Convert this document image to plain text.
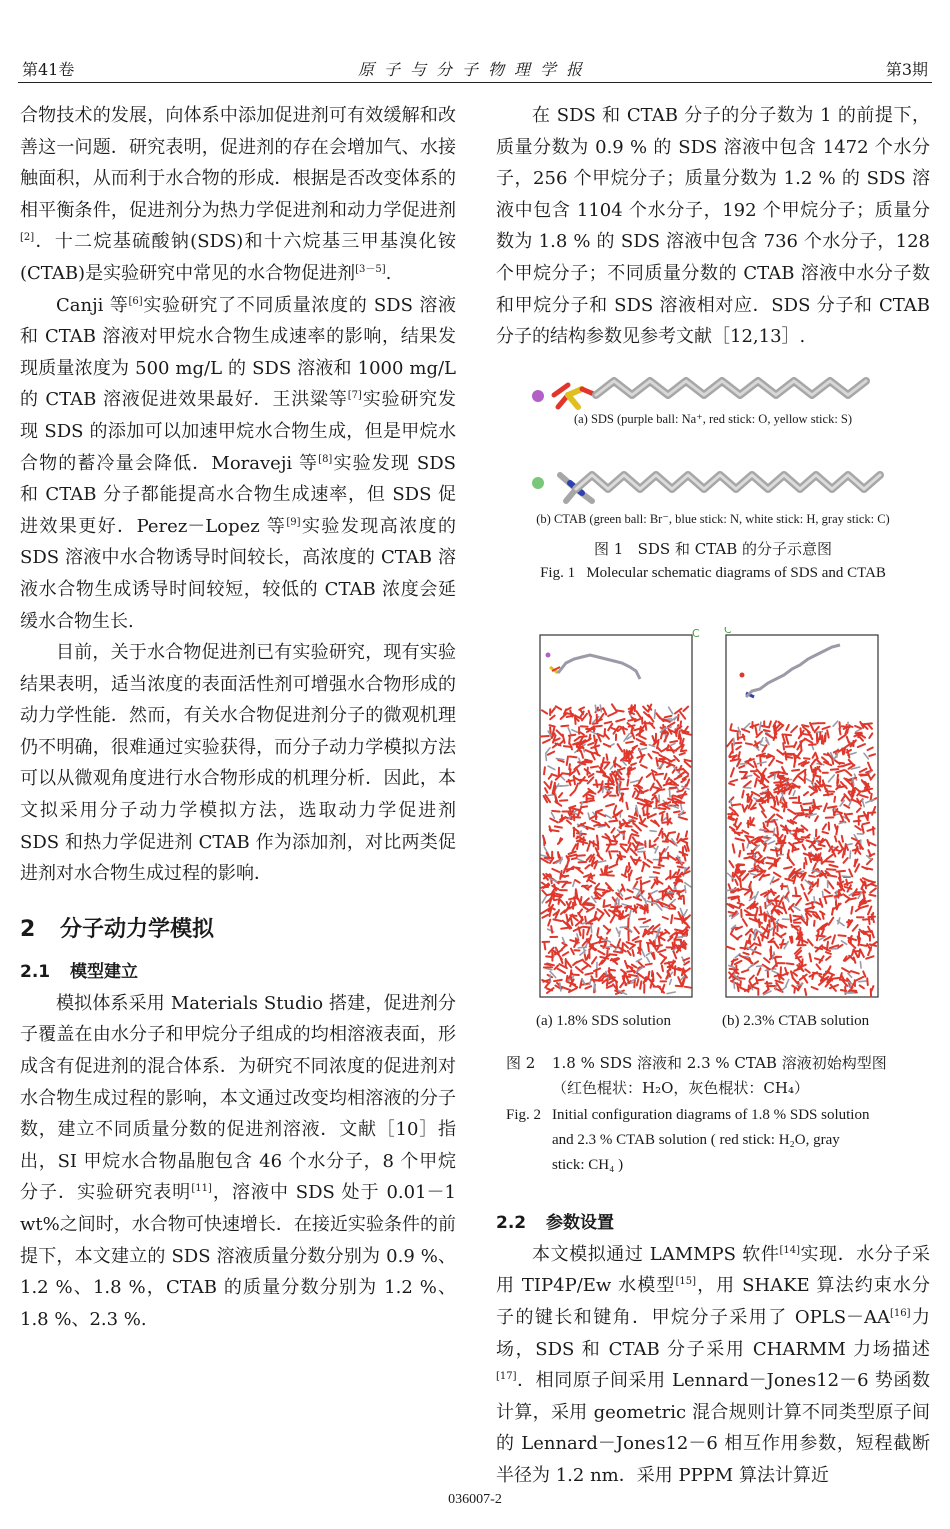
第41卷	原子与分子物理学报	第3期

合物技术的发展，向体系中添加促进剂可有效缓解和改善这一问题．研究表明，促进剂的存在会增加气、水接触面积，从而利于水合物的形成．根据是否改变体系的相平衡条件，促进剂分为热力学促进剂和动力学促进剂[2]．十二烷基硫酸钠(SDS)和十六烷基三甲基溴化铵(CTAB)是实验研究中常见的水合物促进剂[3－5].

Canji 等[6]实验研究了不同质量浓度的 SDS 溶液和 CTAB 溶液对甲烷水合物生成速率的影响，结果发现质量浓度为 500 mg/L 的 SDS 溶液和 1000 mg/L 的 CTAB 溶液促进效果最好．王洪粱等[7]实验研究发现 SDS 的添加可以加速甲烷水合物生成，但是甲烷水合物的蓄冷量会降低．Moraveji 等[8]实验发现 SDS 和 CTAB 分子都能提高水合物生成速率，但 SDS 促进效果更好．Perez－Lopez 等[9]实验发现高浓度的 SDS 溶液中水合物诱导时间较长，高浓度的 CTAB 溶液水合物生成诱导时间较短，较低的 CTAB 浓度会延缓水合物生长.

目前，关于水合物促进剂已有实验研究，现有实验结果表明，适当浓度的表面活性剂可增强水合物形成的动力学性能．然而，有关水合物促进剂分子的微观机理仍不明确，很难通过实验获得，而分子动力学模拟方法可以从微观角度进行水合物形成的机理分析．因此，本文拟采用分子动力学模拟方法，选取动力学促进剂 SDS 和热力学促进剂 CTAB 作为添加剂，对比两类促进剂对水合物生成过程的影响．

2 分子动力学模拟
2.1 模型建立

模拟体系采用 Materials Studio 搭建，促进剂分子覆盖在由水分子和甲烷分子组成的均相溶液表面，形成含有促进剂的混合体系．为研究不同浓度的促进剂对水合物生成过程的影响，本文通过改变均相溶液的分子数，建立不同质量分数的促进剂溶液．文献［10］指出，SI 甲烷水合物晶胞包含 46 个水分子，8 个甲烷分子．实验研究表明[11]，溶液中 SDS 处于 0.01－1 wt%之间时，水合物可快速增长．在接近实验条件的前提下，本文建立的 SDS 溶液质量分数分别为 0.9 %、1.2 %、1.8 %，CTAB 的质量分数分别为 1.2 %、1.8 %、2.3 %.

在 SDS 和 CTAB 分子的分子数为 1 的前提下，质量分数为 0.9 % 的 SDS 溶液中包含 1472 个水分子，256 个甲烷分子；质量分数为 1.2 % 的 SDS 溶液中包含 1104 个水分子，192 个甲烷分子；质量分数为 1.8 % 的 SDS 溶液中包含 736 个水分子，128 个甲烷分子；不同质量分数的 CTAB 溶液中水分子数和甲烷分子和 SDS 溶液相对应．SDS 分子和 CTAB 分子的结构参数见参考文献［12,13］.

(a) SDS (purple ball: Na⁺, red stick: O, yellow stick: S)
(b) CTAB (green ball: Br⁻, blue stick: N, white stick: H, gray stick: C)

图 1 SDS 和 CTAB 的分子示意图

Fig. 1 Molecular schematic diagrams of SDS and CTAB

C C
(a) 1.8% SDS solution	(b) 2.3% CTAB solution
图 2 1.8 % SDS 溶液和 2.3 % CTAB 溶液初始构型图
（红色棍状：H₂O，灰色棍状：CH₄）
Fig. 2 Initial configuration diagrams of 1.8 % SDS solution
and 2.3 % CTAB solution ( red stick: H₂O, gray
stick: CH₄ )
2.2 参数设置

本文模拟通过 LAMMPS 软件[14]实现．水分子采用 TIP4P/Ew 水模型[15]，用 SHAKE 算法约束水分子的键长和键角．甲烷分子采用了 OPLS－AA[16]力场，SDS 和 CTAB 分子采用 CHARMM 力场描述[17]．相同原子间采用 Lennard－Jones12－6 势函数计算，采用 geometric 混合规则计算不同类型原子间的 Lennard－Jones12－6 相互作用参数，短程截断半径为 1.2 nm．采用 PPPM 算法计算近

036007-2
